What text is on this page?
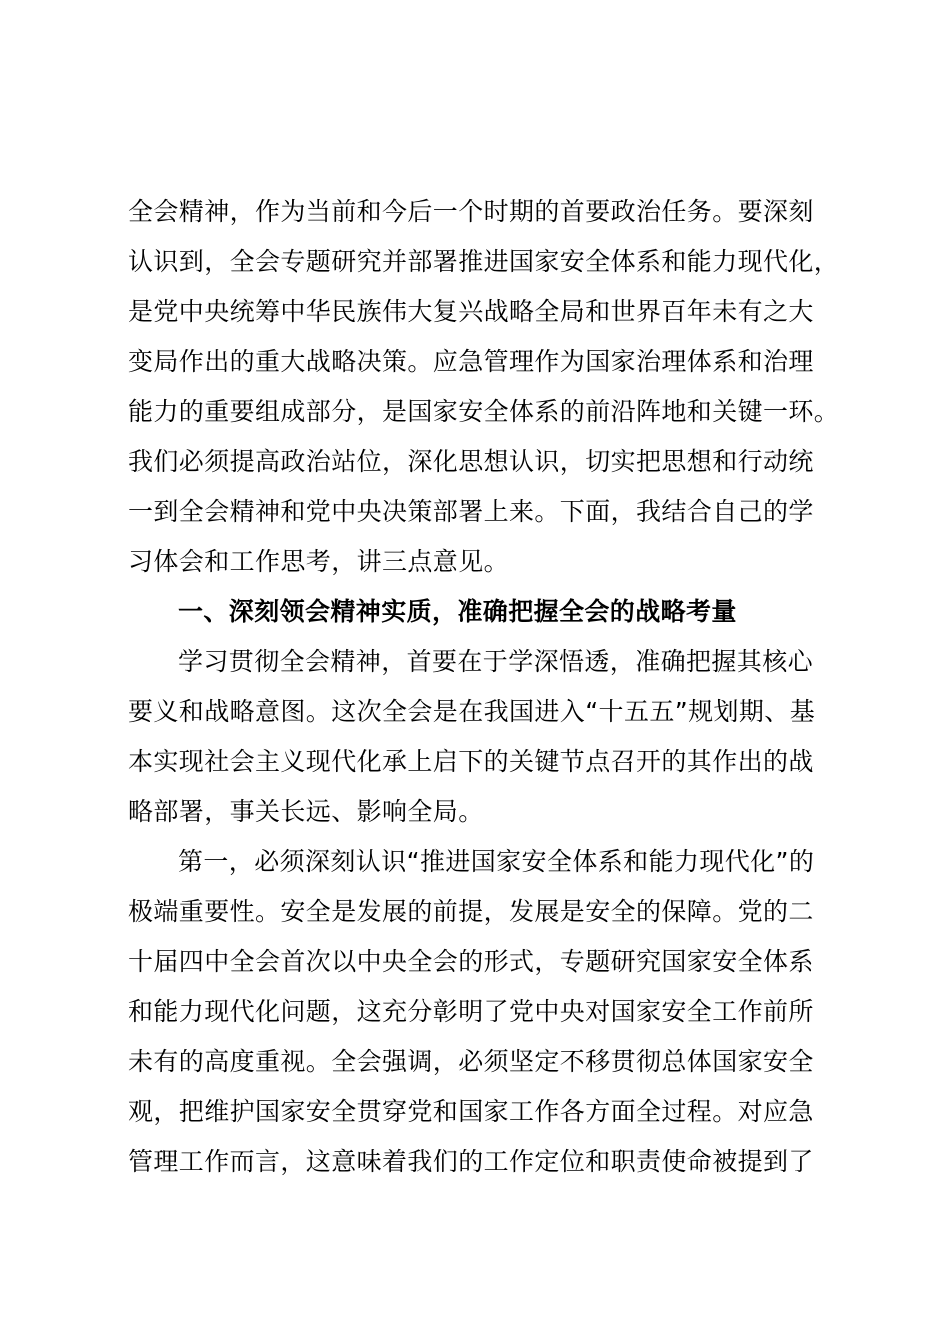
全会精神，作为当前和今后一个时期的首要政治任务。要深刻
认识到，全会专题研究并部署推进国家安全体系和能力现代化，
是党中央统筹中华民族伟大复兴战略全局和世界百年未有之大
变局作出的重大战略决策。应急管理作为国家治理体系和治理
能力的重要组成部分，是国家安全体系的前沿阵地和关键一环。
我们必须提高政治站位，深化思想认识，切实把思想和行动统
一到全会精神和党中央决策部署上来。下面，我结合自己的学
习体会和工作思考，讲三点意见。
一、深刻领会精神实质，准确把握全会的战略考量
学习贯彻全会精神，首要在于学深悟透，准确把握其核心
要义和战略意图。这次全会是在我国进入“十五五”规划期、基
本实现社会主义现代化承上启下的关键节点召开的其作出的战
略部署，事关长远、影响全局。
第一，必须深刻认识“推进国家安全体系和能力现代化”的
极端重要性。安全是发展的前提，发展是安全的保障。党的二
十届四中全会首次以中央全会的形式，专题研究国家安全体系
和能力现代化问题，这充分彰明了党中央对国家安全工作前所
未有的高度重视。全会强调，必须坚定不移贯彻总体国家安全
观，把维护国家安全贯穿党和国家工作各方面全过程。对应急
管理工作而言，这意味着我们的工作定位和职责使命被提到了
